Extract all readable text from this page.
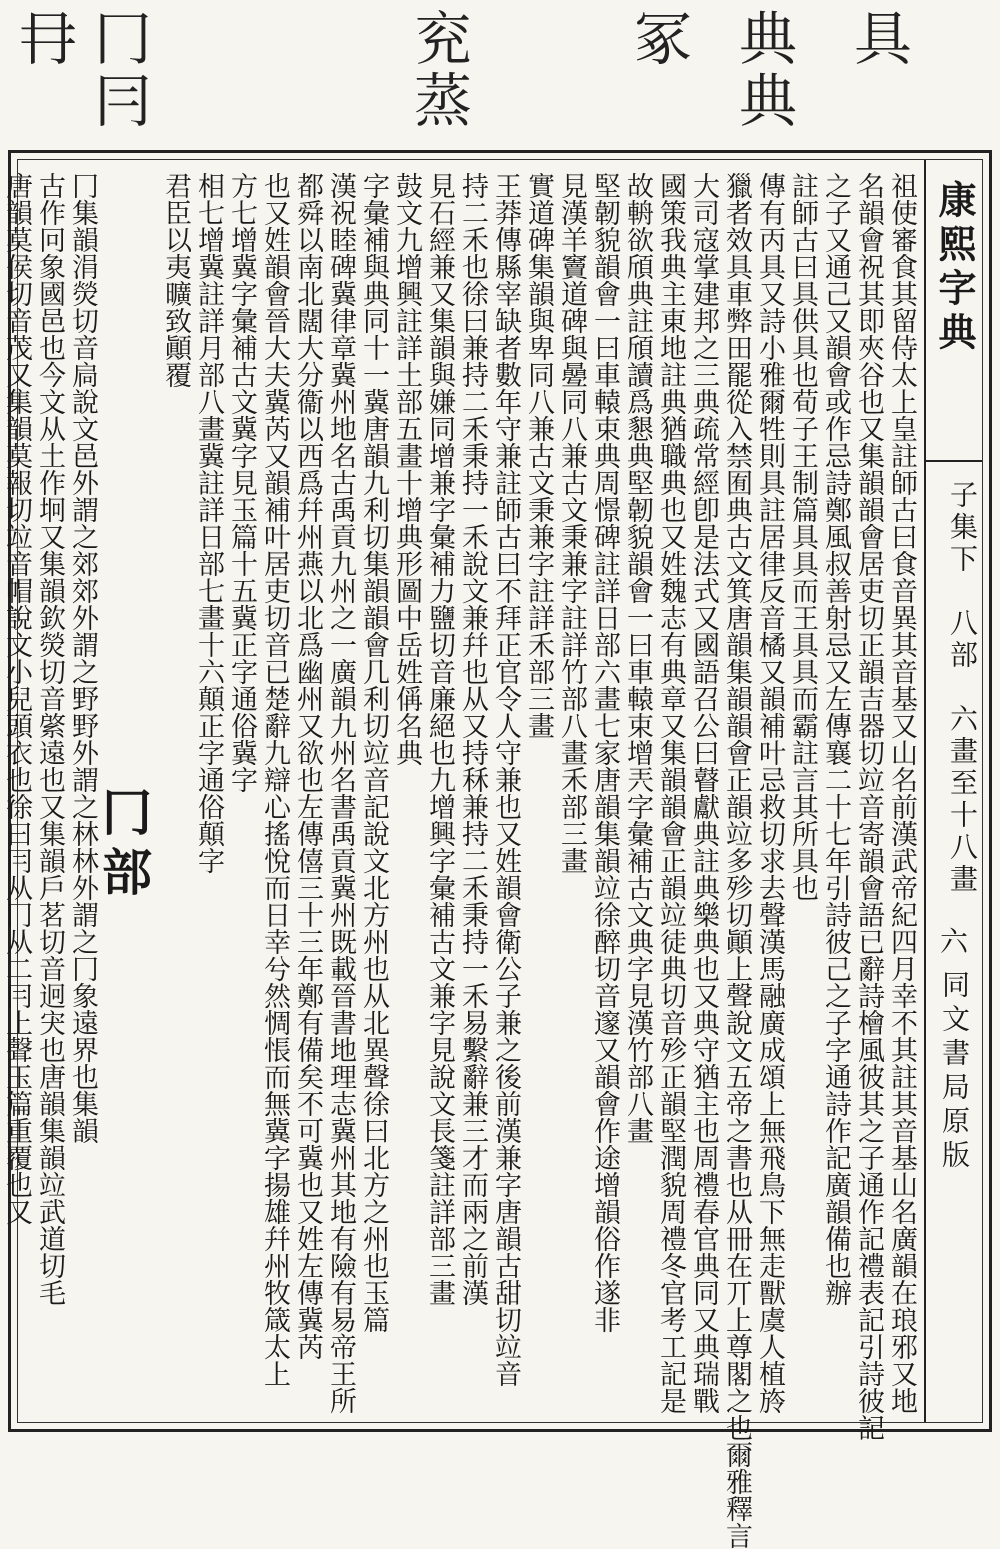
具
典典
冢
兖蒸
冂冃
冄
康熙字典
子集下　八部　六畫至十八畫
六
同文書局原版
祖使審食其留侍太上皇註師古曰食音異其音基又山名前漢武帝紀四月幸不其註其音基山名廣韻在琅邪又地
名韻會祝其即夾谷也又集韻韻會居吏切正韻吉器切竝音寄韻會語已辭詩檜風彼其之子通作記禮表記引詩彼記
之子又通己又韻會或作忌詩鄭風叔善射忌又左傳襄二十七年引詩彼己之子字通詩作記廣韻備也辦
註師古曰具供具也荀子王制篇具具而王具具而霸註言其所具也
傳有丙具又詩小雅爾牲則具註居律反音橘又韻補叶忌救切求去聲漢馬融廣成頌上無飛鳥下無走獸虞人植旍
獵者效具車弊田罷從入禁囿典古文箕唐韻集韻韻會正韻竝多殄切顚上聲說文五帝之書也从冊在丌上尊閣之也爾雅釋言
大司寇掌建邦之三典疏常經卽是法式又國語召公曰瞽獻典註典樂典也又典守猶主也周禮春官典同又典瑞戰
國策我典主東地註典猶職典也又姓魏志有典章又集韻韻會正韻竝徒典切音殄正韻堅潤貌周禮冬官考工記是
故輈欲頎典註頎讀爲懇典堅韌貌韻會一曰車轅束增兲字彙補古文典字見漢竹部八畫
堅韌貌韻會一曰車轅束典周憬碑註詳日部六畫七家唐韻集韻竝徐醉切音邃又韻會作途增韻俗作遂非
見漢羊竇道碑與㬪同八兼古文秉兼字註詳竹部八畫禾部三畫
實道碑集韻與卑同八兼古文秉兼字註詳禾部三畫
王莽傳縣宰缺者數年守兼註師古曰不拜正官令人守兼也又姓韻會衛公子兼之後前漢兼字唐韻古甜切竝音
持二禾也徐曰兼持二禾秉持一禾說文兼幷也从又持秝兼持二禾秉持一禾易繫辭兼三才而兩之前漢
見石經兼又集韻與嫌同增兼字彙補力鹽切音廉絕也九增興字彙補古文兼字見說文長箋註詳部三畫
鼓文九增興註詳土部五畫十增典形圖中岳姓偁名典
字彙補與典同十一冀唐韻九利切集韻韻會几利切竝音記說文北方州也从北異聲徐曰北方之州也玉篇
漢祝睦碑冀律章冀州地名古禹貢九州之一廣韻九州名書禹貢冀州既載晉書地理志冀州其地有險有易帝王所
都舜以南北闊大分衞以西爲幷州燕以北爲幽州又欲也左傳僖三十三年鄭有備矣不可冀也又姓左傳冀芮
也又姓韻會晉大夫冀芮又韻補叶居吏切音已楚辭九辯心搖悅而日幸兮然惆悵而無冀字揚雄幷州牧箴太上
方七增冀字彙補古文冀字見玉篇十五冀正字通俗冀字
相七增冀註詳月部八畫冀註詳日部七畫十六顛正字通俗顛字
君臣以夷曠致顚覆
冂部
冂集韻涓熒切音扃說文邑外謂之郊郊外謂之野野外謂之林林外謂之冂象遠界也集韻
古作冋象國邑也今文从土作坰又集韻欽熒切音綮遠也又集韻戶茗切音迥宊也唐韻集韻竝武道切毛
唐韻莫侯切音茂又集韻莫報切竝音帽說文小兒頭衣也徐曰冃从冂从二冃上聲玉篇重覆也又
